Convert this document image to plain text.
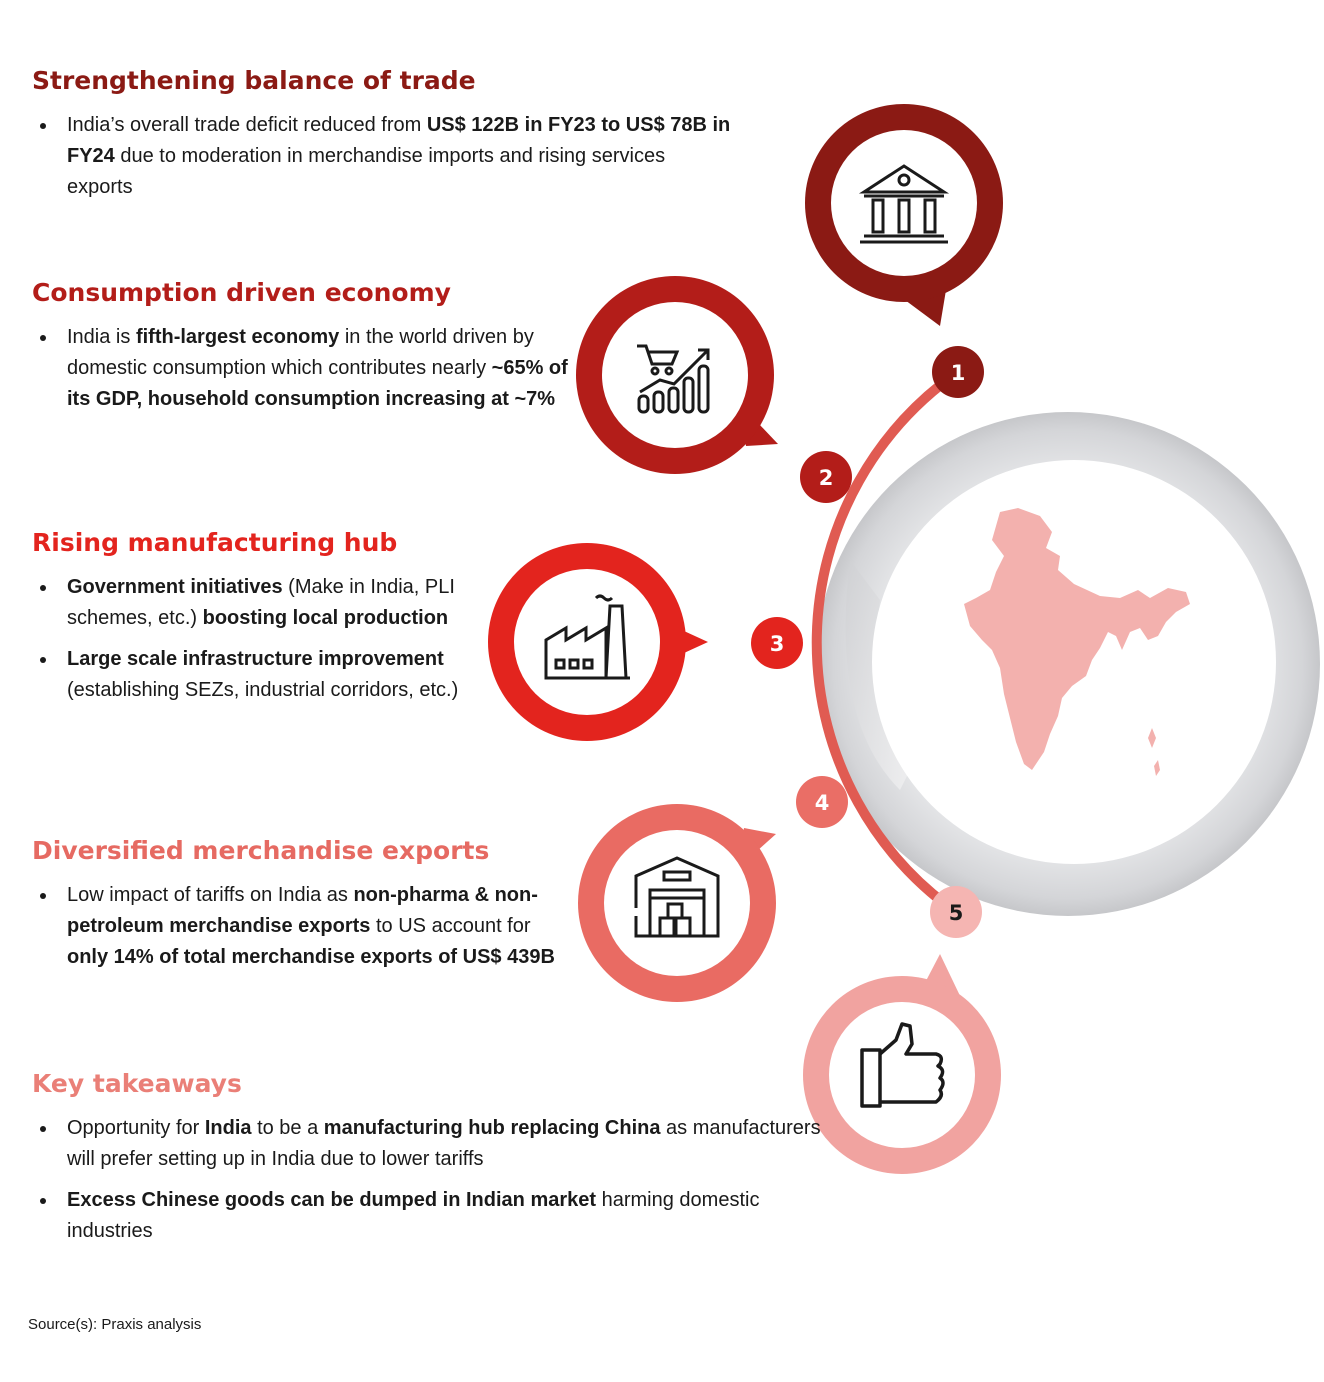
1
2
3
4
5
Strengthening balance of trade
India’s overall trade deficit reduced from US$ 122B in FY23 to US$ 78B in FY24 due to moderation in merchandise imports and rising services exports
Consumption driven economy
India is fifth-largest economy in the world driven by domestic consumption which contributes nearly ~65% of its GDP, household consumption increasing at ~7%
Rising manufacturing hub
Government initiatives (Make in India, PLI schemes, etc.) boosting local production
Large scale infrastructure improvement (establishing SEZs, industrial corridors, etc.)
Diversified merchandise exports
Low impact of tariffs on India as non-pharma & non-petroleum merchandise exports to US account for only 14% of total merchandise exports of US$ 439B
Key takeaways
Opportunity for India to be a manufacturing hub replacing China as manufacturers will prefer setting up in India due to lower tariffs
Excess Chinese goods can be dumped in Indian market harming domestic industries
Source(s): Praxis analysis
